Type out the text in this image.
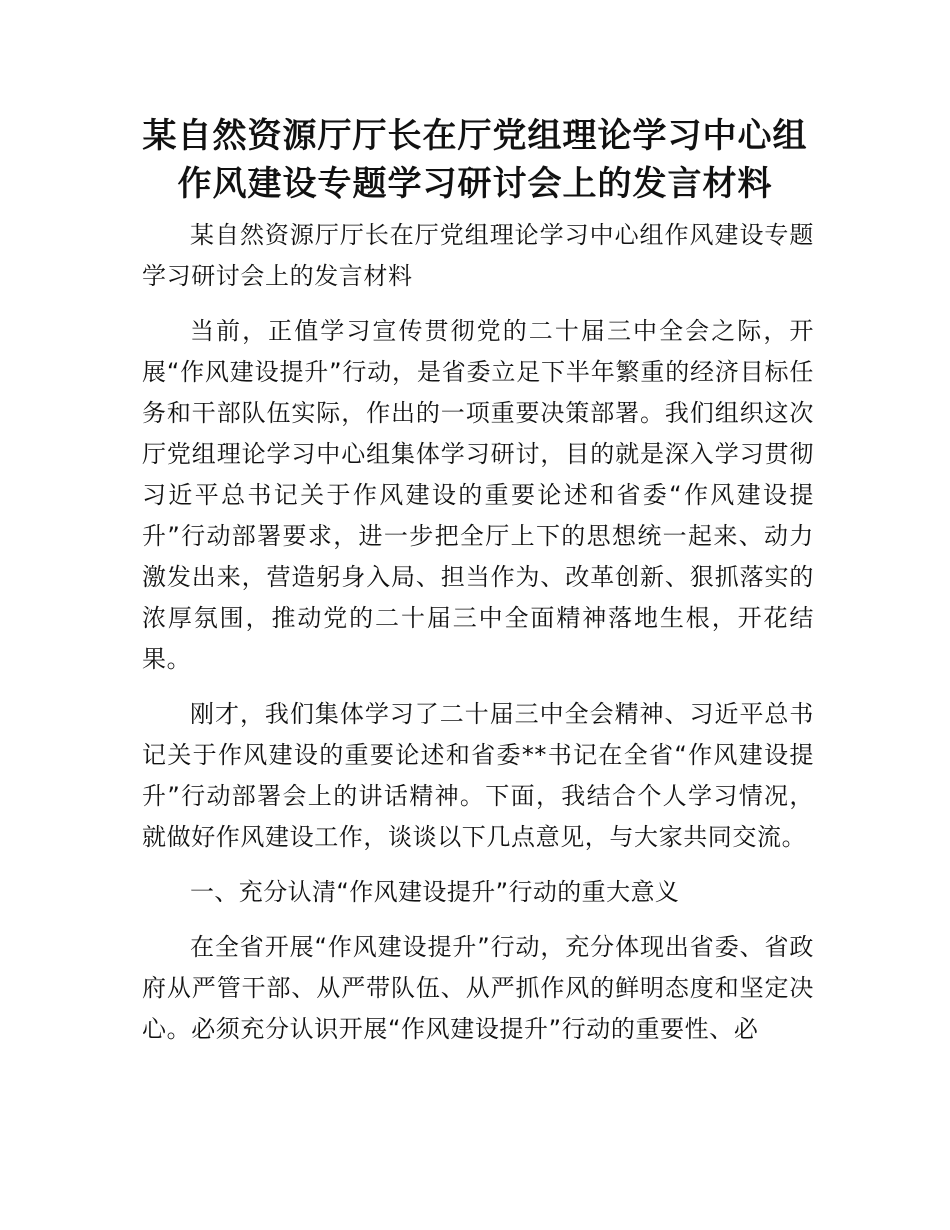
某自然资源厅厅长在厅党组理论学习中心组作风建设专题学习研讨会上的发言材料

某自然资源厅厅长在厅党组理论学习中心组作风建设专题学习研讨会上的发言材料

当前，正值学习宣传贯彻党的二十届三中全会之际，开展“作风建设提升”行动，是省委立足下半年繁重的经济目标任务和干部队伍实际，作出的一项重要决策部署。我们组织这次厅党组理论学习中心组集体学习研讨，目的就是深入学习贯彻习近平总书记关于作风建设的重要论述和省委“作风建设提升”行动部署要求，进一步把全厅上下的思想统一起来、动力激发出来，营造躬身入局、担当作为、改革创新、狠抓落实的浓厚氛围，推动党的二十届三中全面精神落地生根，开花结果。

刚才，我们集体学习了二十届三中全会精神、习近平总书记关于作风建设的重要论述和省委**书记在全省“作风建设提升”行动部署会上的讲话精神。下面，我结合个人学习情况，就做好作风建设工作，谈谈以下几点意见，与大家共同交流。

一、充分认清“作风建设提升”行动的重大意义

在全省开展“作风建设提升”行动，充分体现出省委、省政府从严管干部、从严带队伍、从严抓作风的鲜明态度和坚定决心。必须充分认识开展“作风建设提升”行动的重要性、必
